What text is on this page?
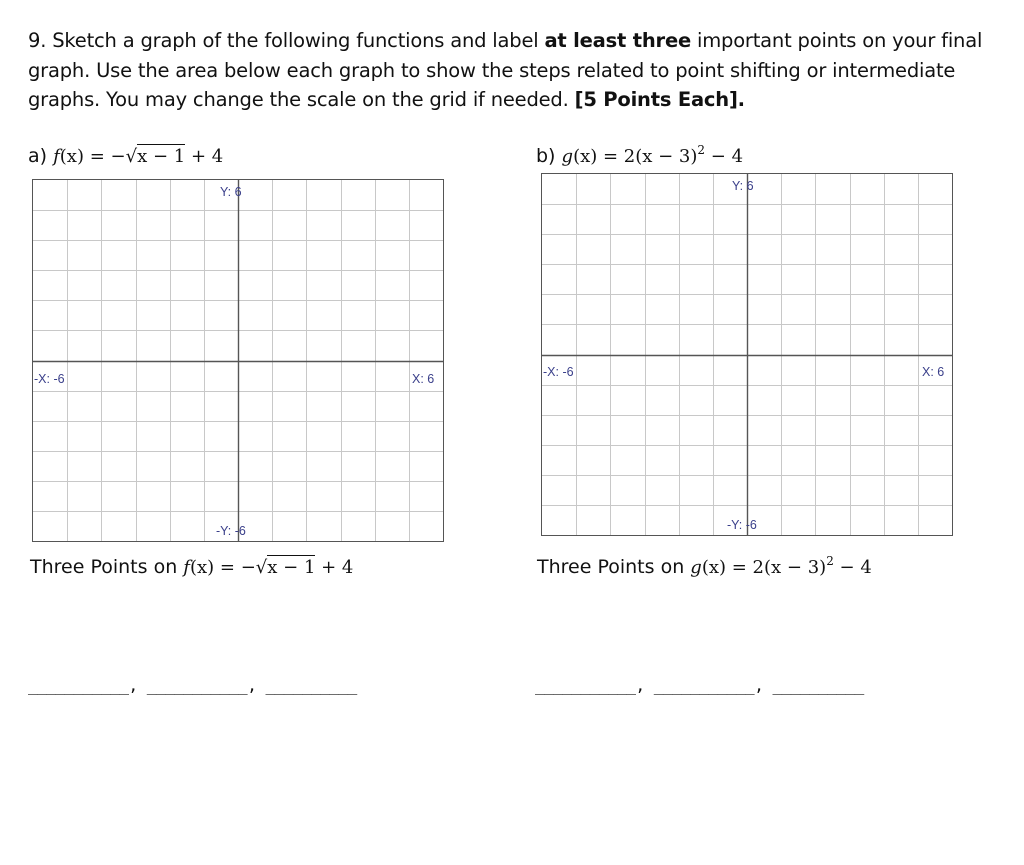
9. Sketch a graph of the following functions and label at least three important points on your final graph. Use the area below each graph to show the steps related to point shifting or intermediate graphs. You may change the scale on the grid if needed. [5 Points Each].
a) f(x) = −√x − 1 + 4	b) $g(x) = 2(x - 3)^2 - 4$
Y: 6
-Y: -6
-X: -6	X: 6
Y: 6
-Y: -6
-X: -6	X: 6
Three Points on f(x) = −√x − 1 + 4	Three Points on $g(x) = 2(x - 3)^2 - 4$
___________, ___________, __________	___________, ___________, __________
